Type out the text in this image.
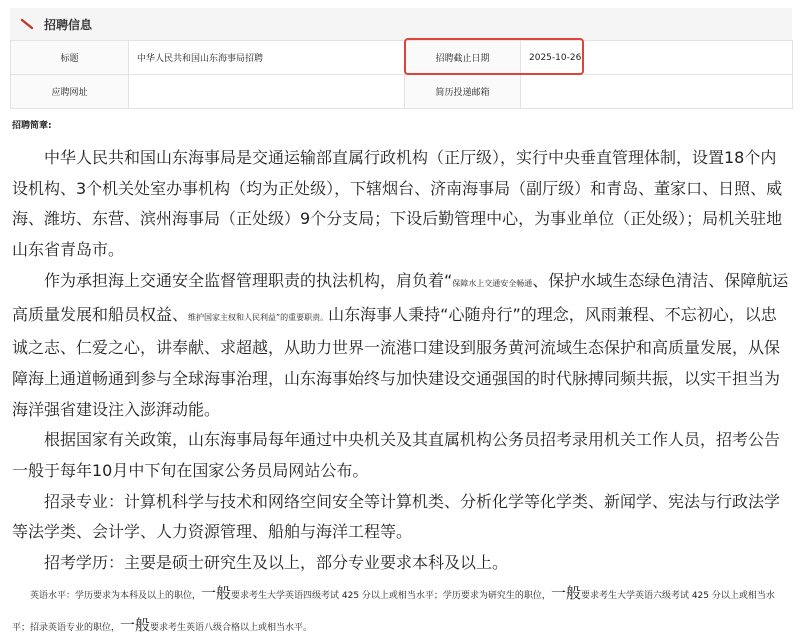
招聘信息
标题	中华人民共和国山东海事局招聘	招聘截止日期	2025-10-26
应聘网址		简历投递邮箱	
招聘简章:

中华人民共和国山东海事局是交通运输部直属行政机构（正厅级），实行中央垂直管理体制，设置18个内设机构、3个机关处室办事机构（均为正处级），下辖烟台、济南海事局（副厅级）和青岛、董家口、日照、威海、潍坊、东营、滨州海事局（正处级）9个分支局；下设后勤管理中心，为事业单位（正处级）；局机关驻地山东省青岛市。

作为承担海上交通安全监督管理职责的执法机构，肩负着“保障水上交通安全畅通、保护水域生态绿色清洁、保障航运高质量发展和船员权益、维护国家主权和人民利益”的重要职责。山东海事人秉持“心随舟行”的理念，风雨兼程、不忘初心，以忠诚之志、仁爱之心，讲奉献、求超越，从助力世界一流港口建设到服务黄河流域生态保护和高质量发展，从保障海上通道畅通到参与全球海事治理，山东海事始终与加快建设交通强国的时代脉搏同频共振，以实干担当为海洋强省建设注入澎湃动能。

根据国家有关政策，山东海事局每年通过中央机关及其直属机构公务员招考录用机关工作人员，招考公告一般于每年10月中下旬在国家公务员局网站公布。

招录专业：计算机科学与技术和网络空间安全等计算机类、分析化学等化学类、新闻学、宪法与行政法学等法学类、会计学、人力资源管理、船舶与海洋工程等。

招考学历：主要是硕士研究生及以上，部分专业要求本科及以上。

英语水平：学历要求为本科及以上的职位，一般要求考生大学英语四级考试 425 分以上或相当水平；学历要求为研究生的职位，一般要求考生大学英语六级考试 425 分以上或相当水平；招录英语专业的职位，一般要求考生英语八级合格以上或相当水平。
